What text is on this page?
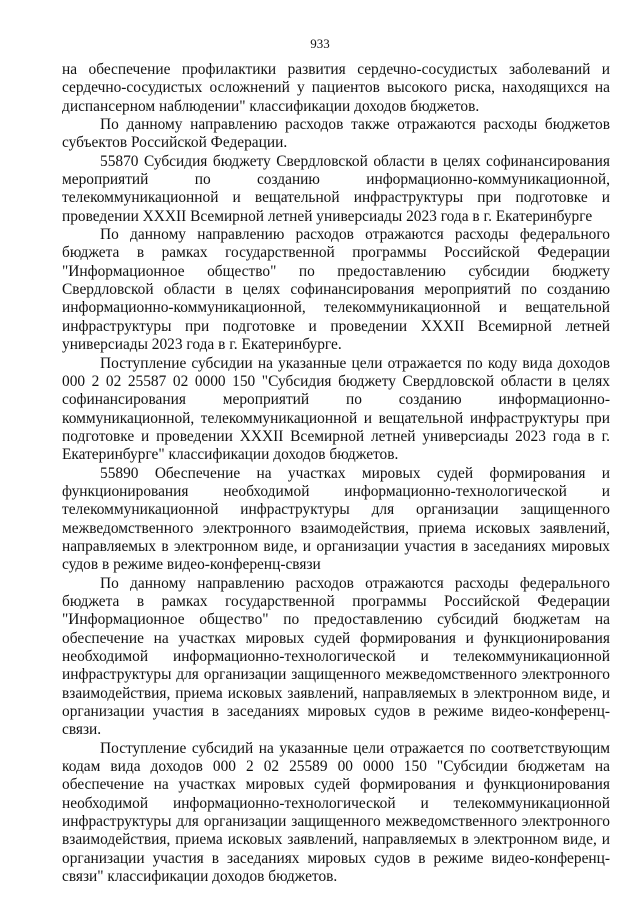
933

на обеспечение профилактики развития сердечно-сосудистых заболеваний и сердечно-сосудистых осложнений у пациентов высокого риска, находящихся на диспансерном наблюдении" классификации доходов бюджетов.

По данному направлению расходов также отражаются расходы бюджетов субъектов Российской Федерации.

55870 Субсидия бюджету Свердловской области в целях софинансирования мероприятий по созданию информационно-коммуникационной, телекоммуникационной и вещательной инфраструктуры при подготовке и проведении XXXII Всемирной летней универсиады 2023 года в г. Екатеринбурге

По данному направлению расходов отражаются расходы федерального бюджета в рамках государственной программы Российской Федерации "Информационное общество" по предоставлению субсидии бюджету Свердловской области в целях софинансирования мероприятий по созданию информационно-коммуникационной, телекоммуникационной и вещательной инфраструктуры при подготовке и проведении XXXII Всемирной летней универсиады 2023 года в г. Екатеринбурге.

Поступление субсидии на указанные цели отражается по коду вида доходов 000 2 02 25587 02 0000 150 "Субсидия бюджету Свердловской области в целях софинансирования мероприятий по созданию информационно-коммуникационной, телекоммуникационной и вещательной инфраструктуры при подготовке и проведении XXXII Всемирной летней универсиады 2023 года в г. Екатеринбурге" классификации доходов бюджетов.

55890 Обеспечение на участках мировых судей формирования и функционирования необходимой информационно-технологической и телекоммуникационной инфраструктуры для организации защищенного межведомственного электронного взаимодействия, приема исковых заявлений, направляемых в электронном виде, и организации участия в заседаниях мировых судов в режиме видео-конференц-связи

По данному направлению расходов отражаются расходы федерального бюджета в рамках государственной программы Российской Федерации "Информационное общество" по предоставлению субсидий бюджетам на обеспечение на участках мировых судей формирования и функционирования необходимой информационно-технологической и телекоммуникационной инфраструктуры для организации защищенного межведомственного электронного взаимодействия, приема исковых заявлений, направляемых в электронном виде, и организации участия в заседаниях мировых судов в режиме видео-конференц-связи.

Поступление субсидий на указанные цели отражается по соответствующим кодам вида доходов 000 2 02 25589 00 0000 150 "Субсидии бюджетам на обеспечение на участках мировых судей формирования и функционирования необходимой информационно-технологической и телекоммуникационной инфраструктуры для организации защищенного межведомственного электронного взаимодействия, приема исковых заявлений, направляемых в электронном виде, и организации участия в заседаниях мировых судов в режиме видео-конференц-связи" классификации доходов бюджетов.
